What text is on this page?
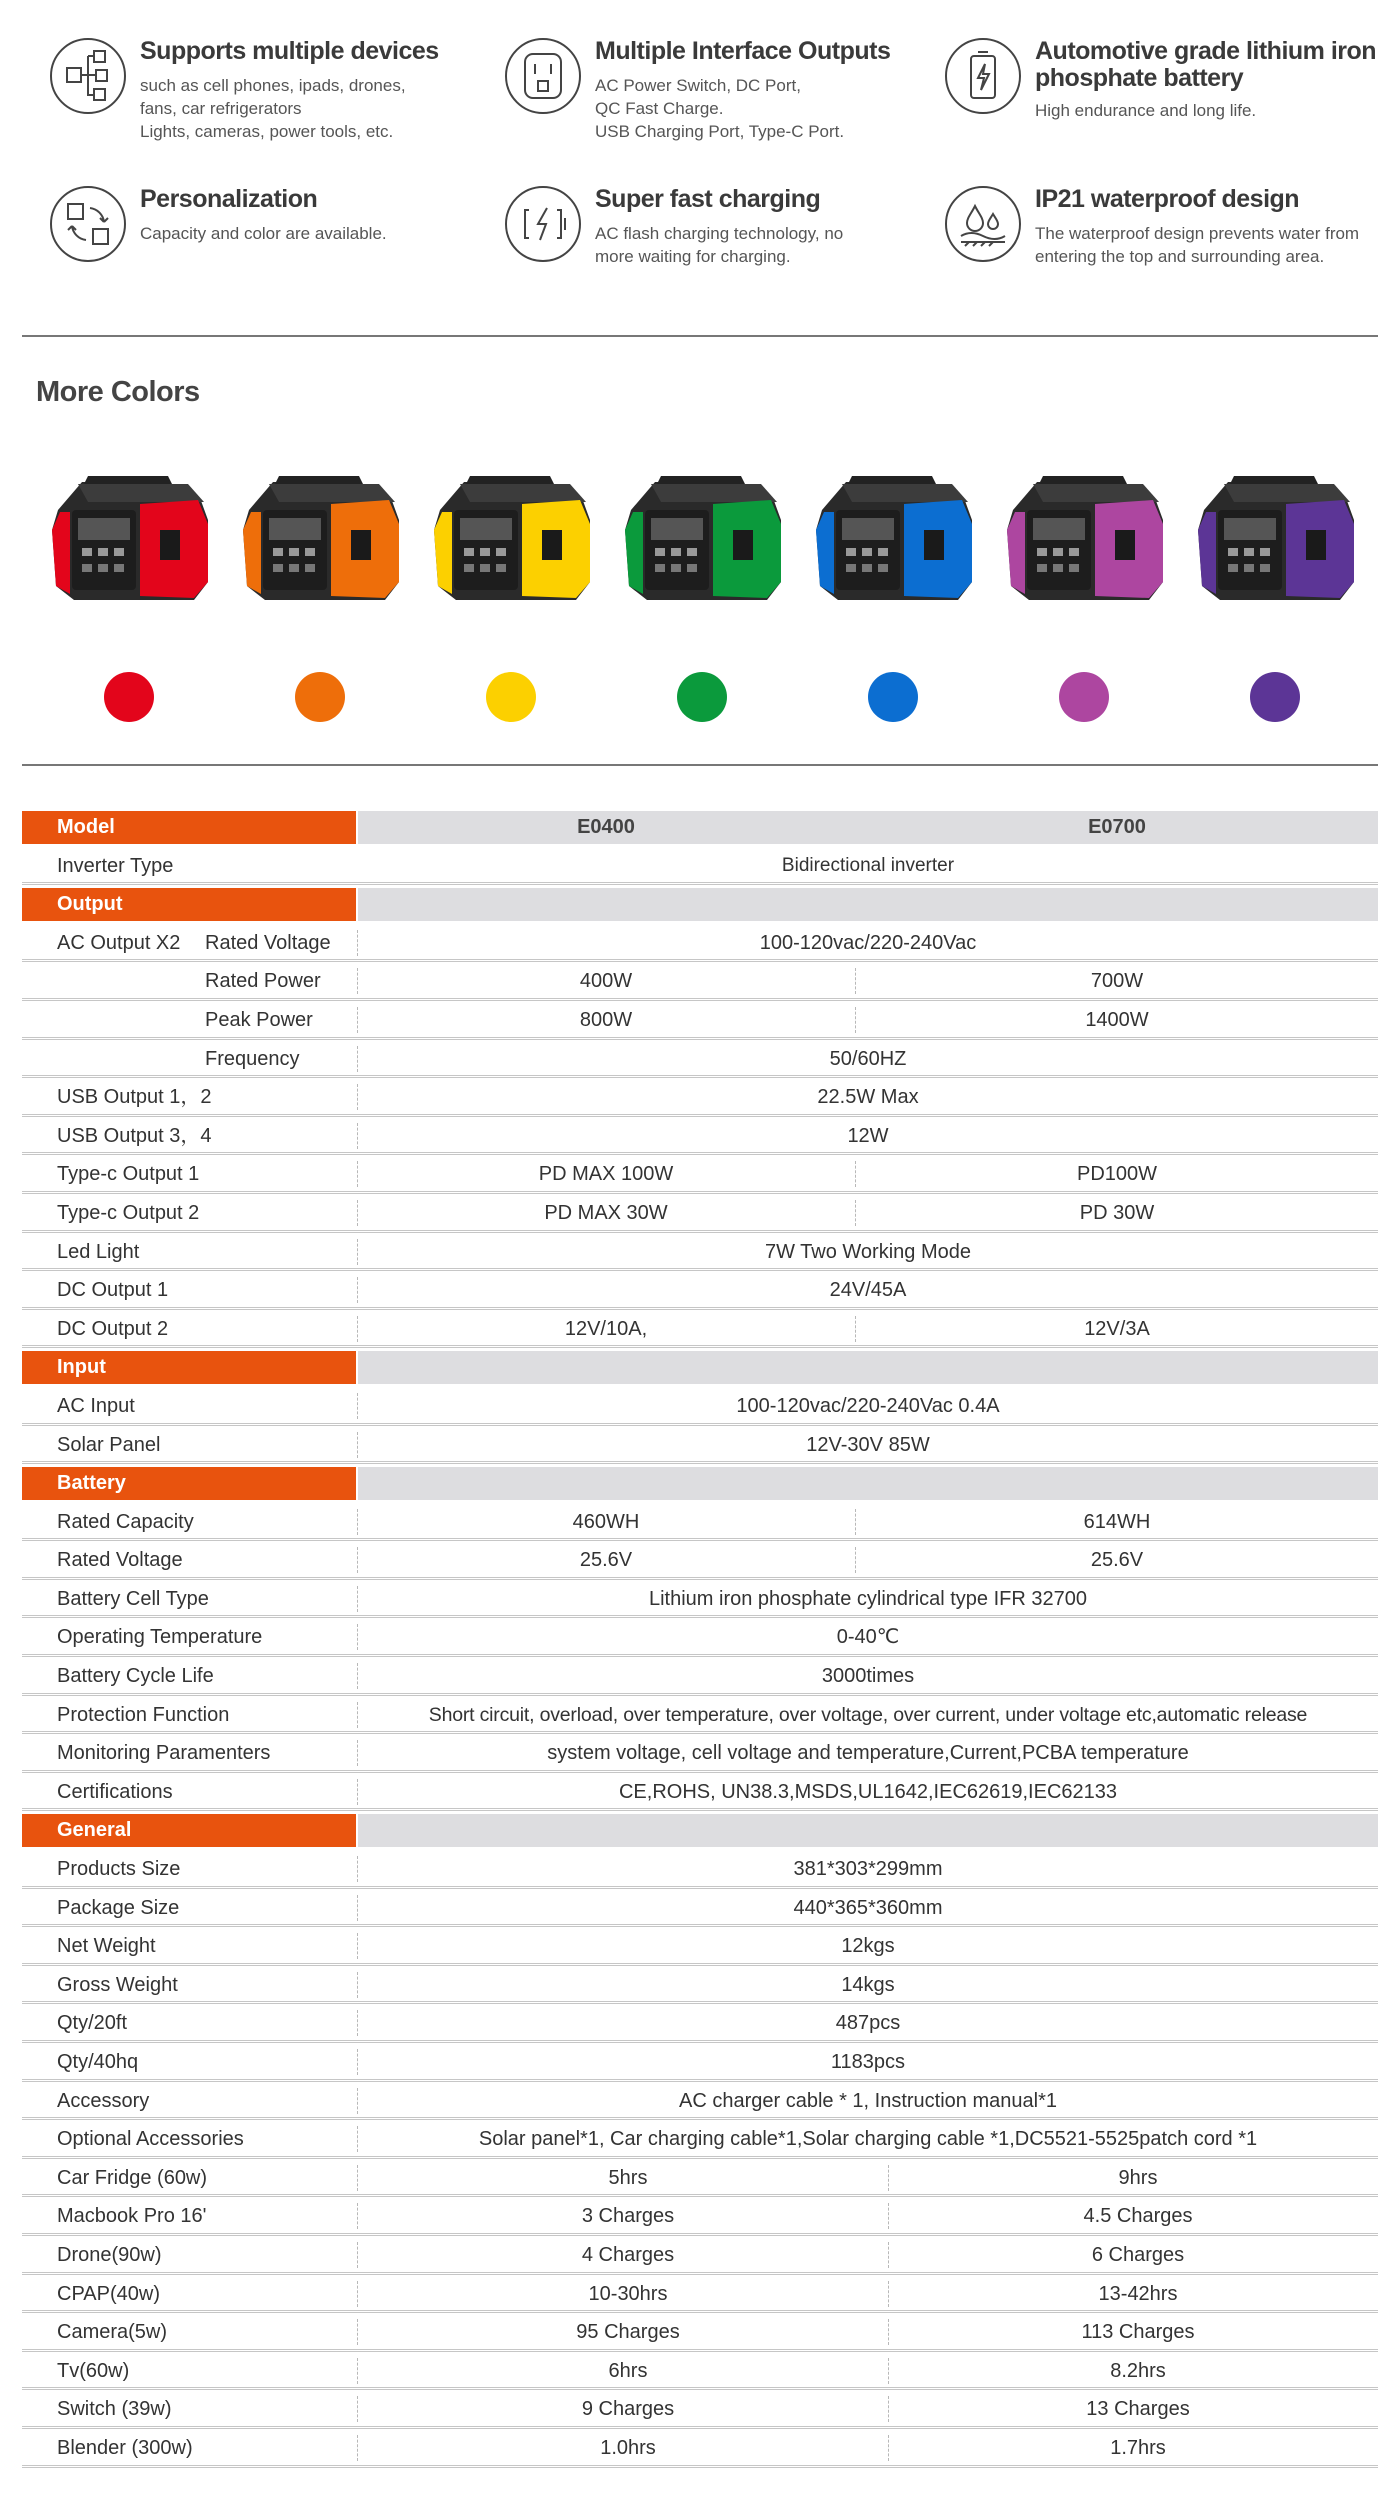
Supports multiple devices
such as cell phones, ipads, drones,
fans, car refrigerators
Lights, cameras, power tools, etc.
Multiple Interface Outputs
AC Power Switch, DC Port,
QC Fast Charge.
USB Charging Port, Type-C Port.
Automotive grade lithium iron phosphate battery
High endurance and long life.
Personalization
Capacity and color are available.
Super fast charging
AC flash charging technology, no
more waiting for charging.
IP21 waterproof design
The waterproof design prevents water from
entering the top and surrounding area.
More Colors
Model	E0400	E0700
Inverter Type	Bidirectional inverter
Output
AC Output X2 Rated Voltage	100-120vac/220-240Vac
Rated Power	400W	700W
Peak Power	800W	1400W
Frequency	50/60HZ
USB Output 1，2	22.5W Max
USB Output 3，4	12W
Type-c Output 1	PD MAX 100W	PD100W
Type-c Output 2	PD MAX 30W	PD 30W
Led Light	7W Two Working Mode
DC Output 1	24V/45A
DC Output 2	12V/10A,	12V/3A
Input
AC Input	100-120vac/220-240Vac 0.4A
Solar Panel	12V-30V 85W
Battery
Rated Capacity	460WH	614WH
Rated Voltage	25.6V	25.6V
Battery Cell Type	Lithium iron phosphate cylindrical type IFR 32700
Operating Temperature	0-40℃
Battery Cycle Life	3000times
Protection Function	Short circuit, overload, over temperature, over voltage, over current, under voltage etc,automatic release
Monitoring Paramenters	system voltage, cell voltage and temperature,Current,PCBA temperature
Certifications	CE,ROHS, UN38.3,MSDS,UL1642,IEC62619,IEC62133
General
Products Size	381*303*299mm
Package Size	440*365*360mm
Net Weight	12kgs
Gross Weight	14kgs
Qty/20ft	487pcs
Qty/40hq	1183pcs
Accessory	AC charger cable * 1, Instruction manual*1
Optional Accessories	Solar panel*1, Car charging cable*1,Solar charging cable *1,DC5521-5525patch cord *1
Car Fridge (60w)	5hrs	9hrs
Macbook Pro 16'	3 Charges	4.5 Charges
Drone(90w)	4 Charges	6 Charges
CPAP(40w)	10-30hrs	13-42hrs
Camera(5w)	95 Charges	113 Charges
Tv(60w)	6hrs	8.2hrs
Switch (39w)	9 Charges	13 Charges
Blender (300w)	1.0hrs	1.7hrs
